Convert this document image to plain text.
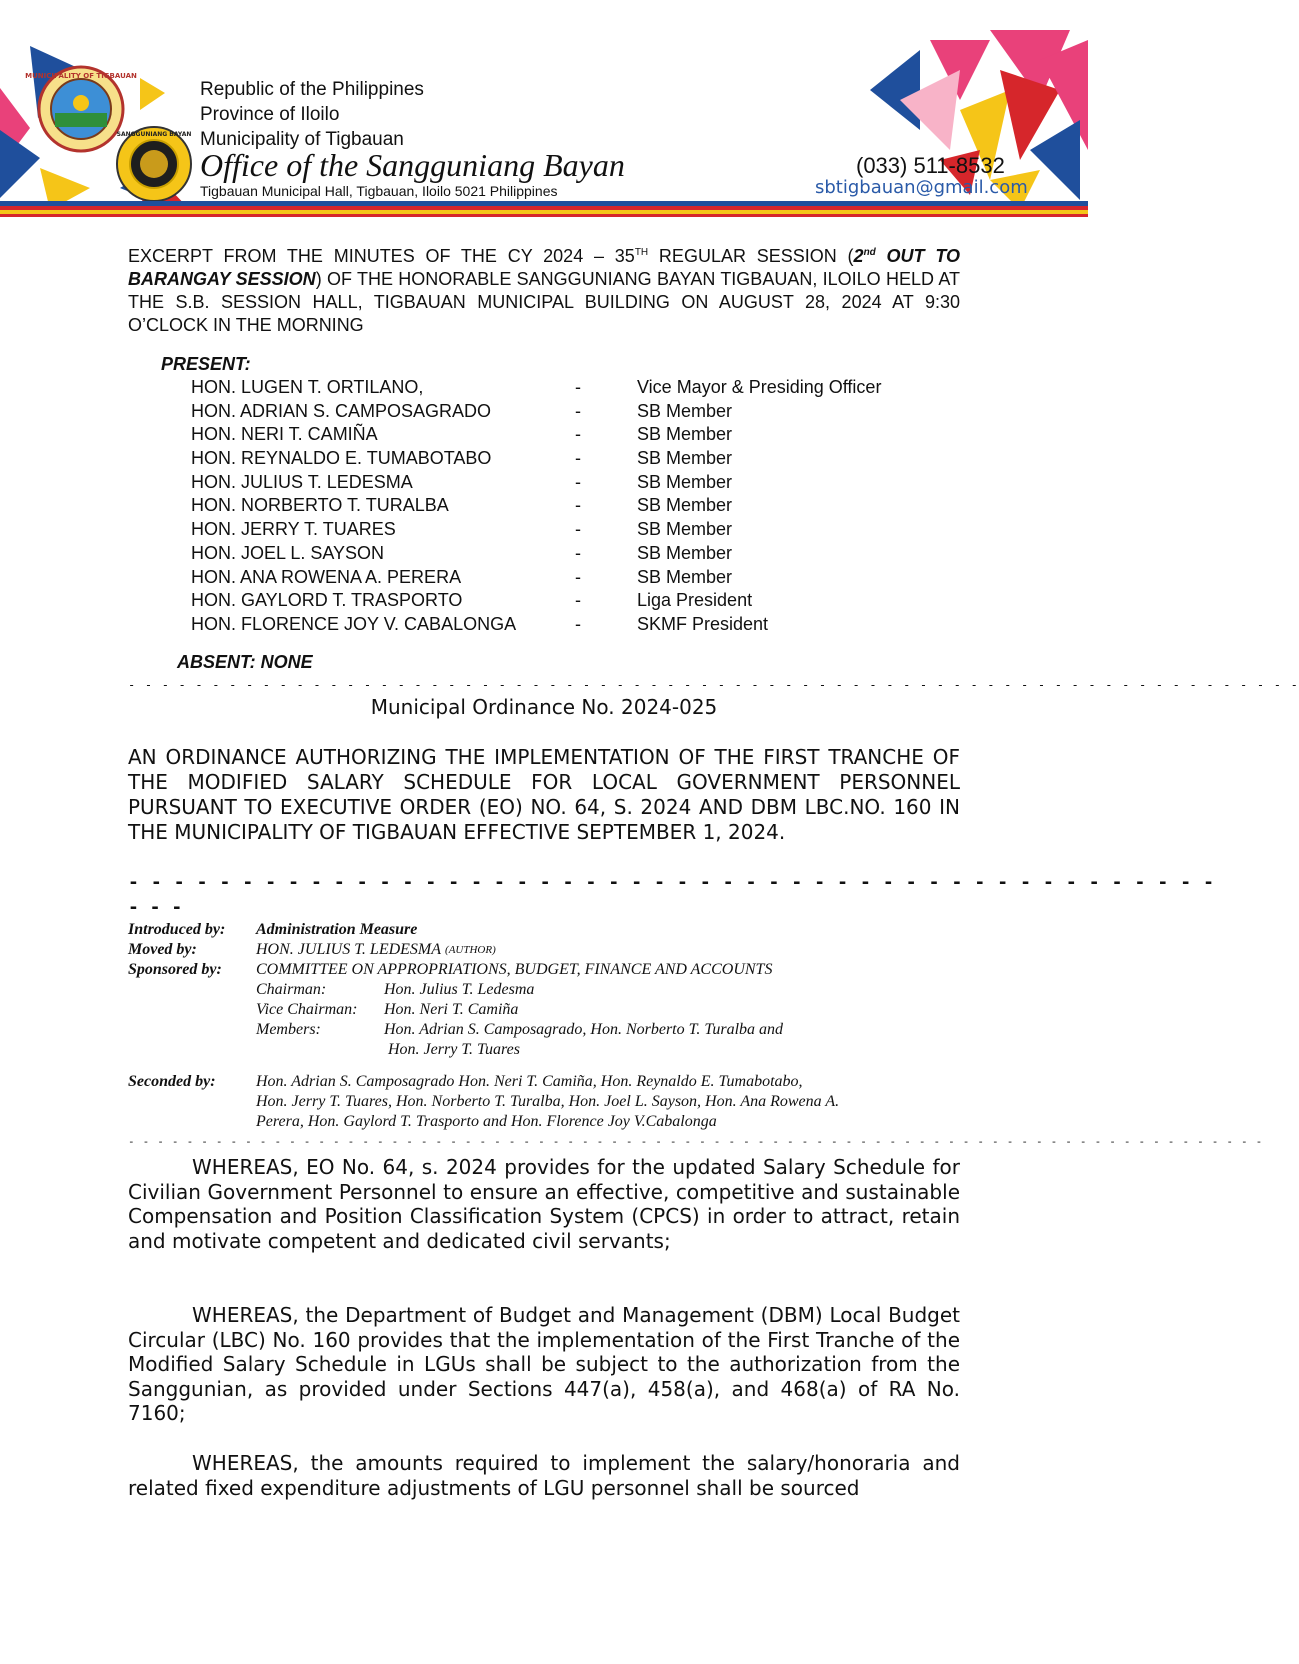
MUNICIPALITY OF TIGBAUAN
SANGGUNIANG BAYAN
Republic of the Philippines
Province of Iloilo
Municipality of Tigbauan
Office of the Sangguniang Bayan
Tigbauan Municipal Hall, Tigbauan, Iloilo 5021 Philippines
(033) 511-8532
sbtigbauan@gmail.com
EXCERPT FROM THE MINUTES OF THE CY 2024 – 35TH REGULAR SESSION (2nd OUT TO BARANGAY SESSION) OF THE HONORABLE SANGGUNIANG BAYAN TIGBAUAN, ILOILO HELD AT THE S.B. SESSION HALL, TIGBAUAN MUNICIPAL BUILDING ON AUGUST 28, 2024 AT 9:30 O’CLOCK IN THE MORNING
PRESENT:
HON. LUGEN T. ORTILANO,	-	Vice Mayor & Presiding Officer
HON. ADRIAN S. CAMPOSAGRADO	-	SB Member
HON. NERI T. CAMIÑA	-	SB Member
HON. REYNALDO E. TUMABOTABO	-	SB Member
HON. JULIUS T. LEDESMA	-	SB Member
HON. NORBERTO T. TURALBA	-	SB Member
HON. JERRY T. TUARES	-	SB Member
HON. JOEL L. SAYSON	-	SB Member
HON. ANA ROWENA A. PERERA	-	SB Member
HON. GAYLORD T. TRASPORTO	-	Liga President
HON. FLORENCE JOY V. CABALONGA	-	SKMF President
ABSENT: NONE
- - - - - - - - - - - - - - - - - - - - - - - - - - - - - - - - - - - - - - - - - - - - - - - - - - - - - - - - - - - - - - - - - - - - - -
Municipal Ordinance No. 2024-025
AN ORDINANCE AUTHORIZING THE IMPLEMENTATION OF THE FIRST TRANCHE OF THE MODIFIED SALARY SCHEDULE FOR LOCAL GOVERNMENT PERSONNEL PURSUANT TO EXECUTIVE ORDER (EO) NO. 64, S. 2024 AND DBM LBC.NO. 160 IN THE MUNICIPALITY OF TIGBAUAN EFFECTIVE SEPTEMBER 1, 2024.
- - - - - - - - - - - - - - - - - - - - - - - - - - - - - - - - - - - - - - - - - - - - - - - -
- - -
Introduced by:	Administration Measure
Moved by:	HON. JULIUS T. LEDESMA (AUTHOR)
Sponsored by:	COMMITTEE ON APPROPRIATIONS, BUDGET, FINANCE AND ACCOUNTS
Chairman:	Hon. Julius T. Ledesma
Vice Chairman:	Hon. Neri T. Camiña
Members:	Hon. Adrian S. Camposagrado, Hon. Norberto T. Turalba and
Hon. Jerry T. Tuares
Seconded by:	Hon. Adrian S. Camposagrado Hon. Neri T. Camiña, Hon. Reynaldo E. Tumabotabo,
Hon. Jerry T. Tuares, Hon. Norberto T. Turalba, Hon. Joel L. Sayson, Hon. Ana Rowena A.
Perera, Hon. Gaylord T. Trasporto and Hon. Florence Joy V.Cabalonga
- - - - - - - - - - - - - - - - - - - - - - - - - - - - - - - - - - - - - - - - - - - - - - - - - - - - - - - - - - - - - - - - - - - - - - - - - - - - - -
WHEREAS, EO No. 64, s. 2024 provides for the updated Salary Schedule for Civilian Government Personnel to ensure an effective, competitive and sustainable Compensation and Position Classification System (CPCS) in order to attract, retain and motivate competent and dedicated civil servants;
WHEREAS, the Department of Budget and Management (DBM) Local Budget Circular (LBC) No. 160 provides that the implementation of the First Tranche of the Modified Salary Schedule in LGUs shall be subject to the authorization from the Sanggunian, as provided under Sections 447(a), 458(a), and 468(a) of RA No. 7160;
WHEREAS, the amounts required to implement the salary/honoraria and related fixed expenditure adjustments of LGU personnel shall be sourced
